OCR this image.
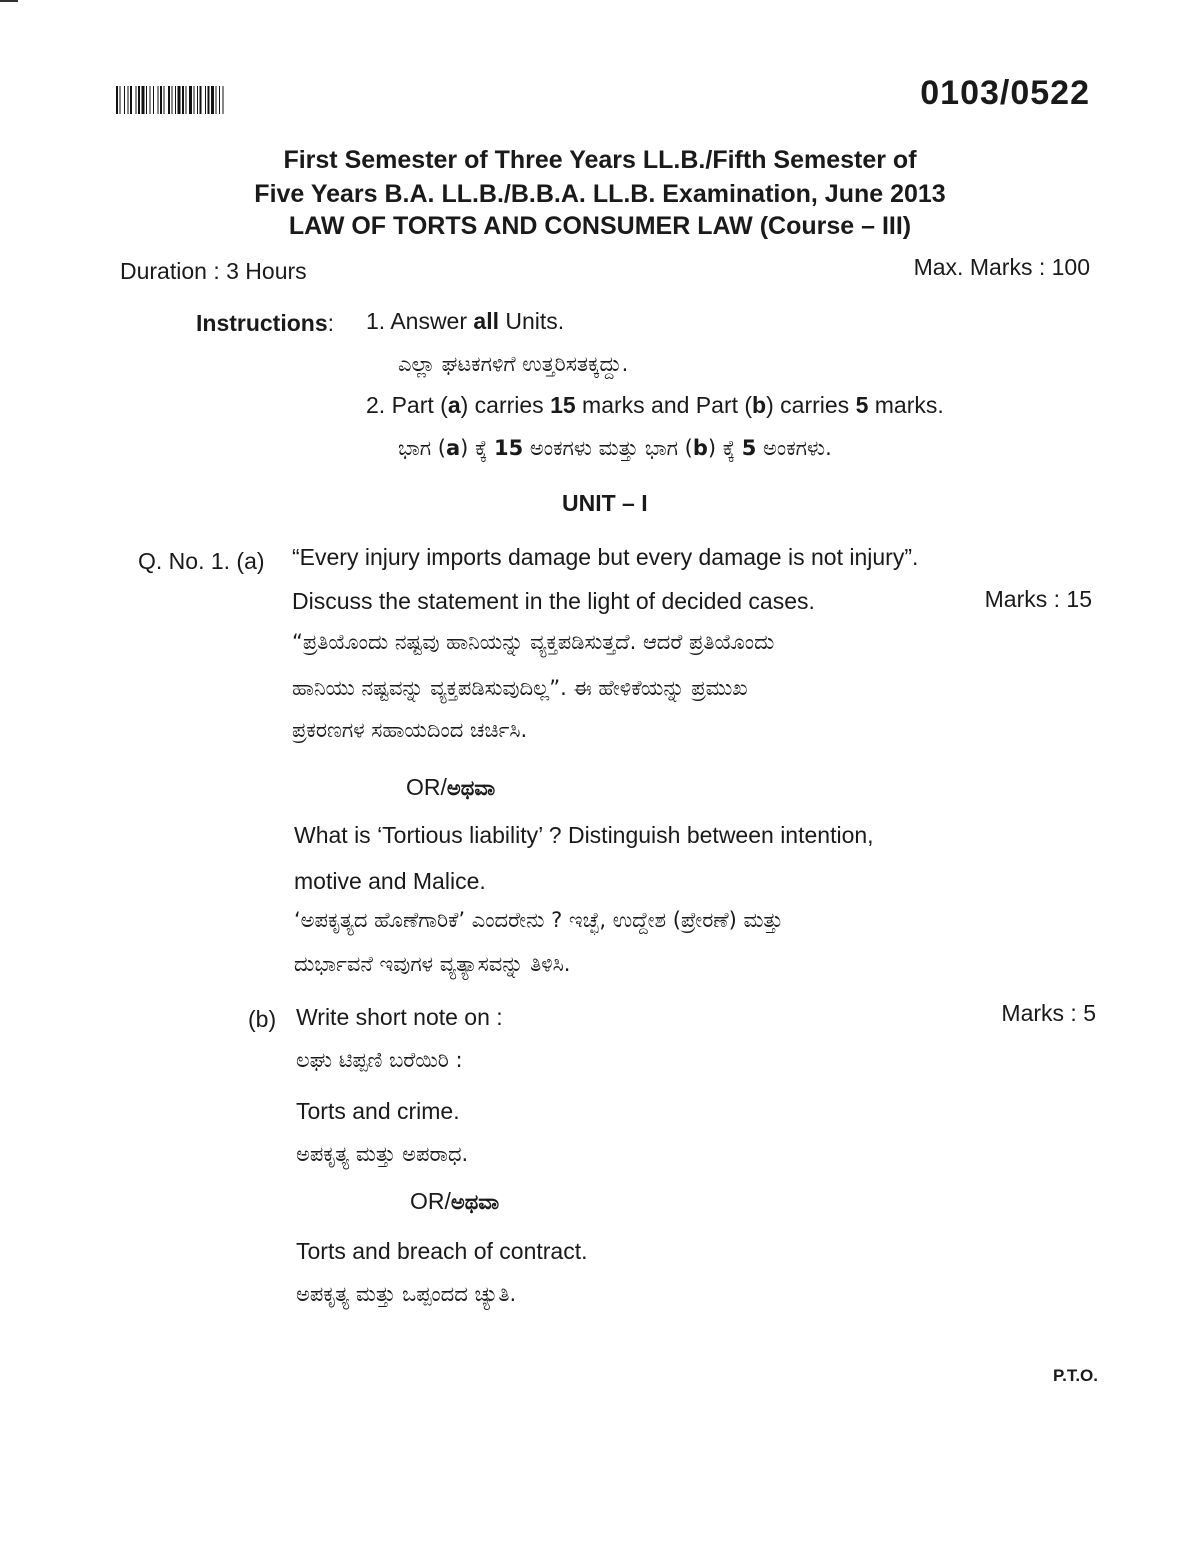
0103/0522
First Semester of Three Years LL.B./Fifth Semester of
Five Years B.A. LL.B./B.B.A. LL.B. Examination, June 2013
LAW OF TORTS AND CONSUMER LAW (Course – III)
Duration : 3 Hours	Max. Marks : 100
Instructions: 1. Answer all Units.
ಎಲ್ಲಾ ಘಟಕಗಳಿಗೆ ಉತ್ತರಿಸತಕ್ಕದ್ದು.
2. Part (a) carries 15 marks and Part (b) carries 5 marks.
ಭಾಗ (a) ಕ್ಕೆ 15 ಅಂಕಗಳು ಮತ್ತು ಭಾಗ (b) ಕ್ಕೆ 5 ಅಂಕಗಳು.
UNIT – I
Q. No. 1. (a) “Every injury imports damage but every damage is not injury”.
Discuss the statement in the light of decided cases.	Marks : 15
“ಪ್ರತಿಯೊಂದು ನಷ್ಟವು ಹಾನಿಯನ್ನು ವ್ಯಕ್ತಪಡಿಸುತ್ತದೆ. ಆದರೆ ಪ್ರತಿಯೊಂದು
ಹಾನಿಯು ನಷ್ಟವನ್ನು ವ್ಯಕ್ತಪಡಿಸುವುದಿಲ್ಲ”. ಈ ಹೇಳಿಕೆಯನ್ನು ಪ್ರಮುಖ
ಪ್ರಕರಣಗಳ ಸಹಾಯದಿಂದ ಚರ್ಚಿಸಿ.
OR/ಅಥವಾ
What is ‘Tortious liability’ ? Distinguish between intention,
motive and Malice.
‘ಅಪಕೃತ್ಯದ ಹೊಣೆಗಾರಿಕೆ’ ಎಂದರೇನು ? ಇಚ್ಛೆ, ಉದ್ದೇಶ (ಪ್ರೇರಣೆ) ಮತ್ತು
ದುರ್ಭಾವನೆ ಇವುಗಳ ವ್ಯತ್ಯಾಸವನ್ನು ತಿಳಿಸಿ.
(b) Write short note on :	Marks : 5
ಲಘು ಟಿಪ್ಪಣಿ ಬರೆಯಿರಿ :
Torts and crime.
ಅಪಕೃತ್ಯ ಮತ್ತು ಅಪರಾಧ.
OR/ಅಥವಾ
Torts and breach of contract.
ಅಪಕೃತ್ಯ ಮತ್ತು ಒಪ್ಪಂದದ ಚ್ಯುತಿ.
P.T.O.
